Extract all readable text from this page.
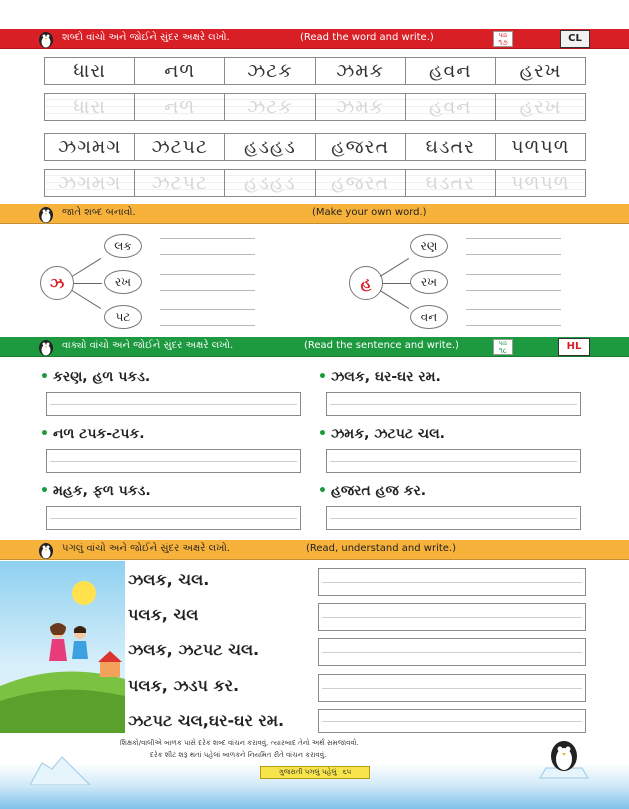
શબ્દો વાંચો અને જોઈને સુંદર અક્ષરે લખો.	(Read the word and write.)	પાઠ
૧૭	CL
ધારા	નળ	ઝટક	ઝમક	હવન	હરખ
ધારા	નળ	ઝટક	ઝમક	હવન	હરખ
ઝગમગ	ઝટપટ	હડહડ	હજરત	ઘડતર	પળપળ
ઝગમગ	ઝટપટ	હડહડ	હજરત	ઘડતર	પળપળ
જાતે શબ્દ બનાવો.	(Make your own word.)
ઝ
લક
રખ
પટ
હ
રણ
રખ
વન
વાક્યો વાંચો અને જોઈને સુંદર અક્ષરે લખો.	(Read the sentence and write.)	પાઠ
૧૮	HL
• કરણ, હળ પકડ.	• ઝલક, ઘર-ઘર રમ.
• નળ ટપક-ટપક.	• ઝમક, ઝટપટ ચલ.
• મહક, ફળ પકડ.	• હજરત હજ કર.
પગલું વાંચો અને જોઈને સુંદર અક્ષરે લખો.	(Read, understand and write.)
ઝલક, ચલ.
પલક, ચલ
ઝલક, ઝટપટ ચલ.
પલક, ઝડપ કર.
ઝટપટ ચલ,ઘર-ઘર રમ.
શિક્ષકો/વાલીએ બાળક પાસે દરેક શબ્દ વાંચન કરાવવું. ત્યારબાદ તેનો અર્થ સમજાવવો.
દરેક શીટ શરૂ થતાં પહેલાં બાળકને નિયમિત રીતે વાંચન કરાવવું.
ગુજરાતી પગલું પહેલું ૬૫
